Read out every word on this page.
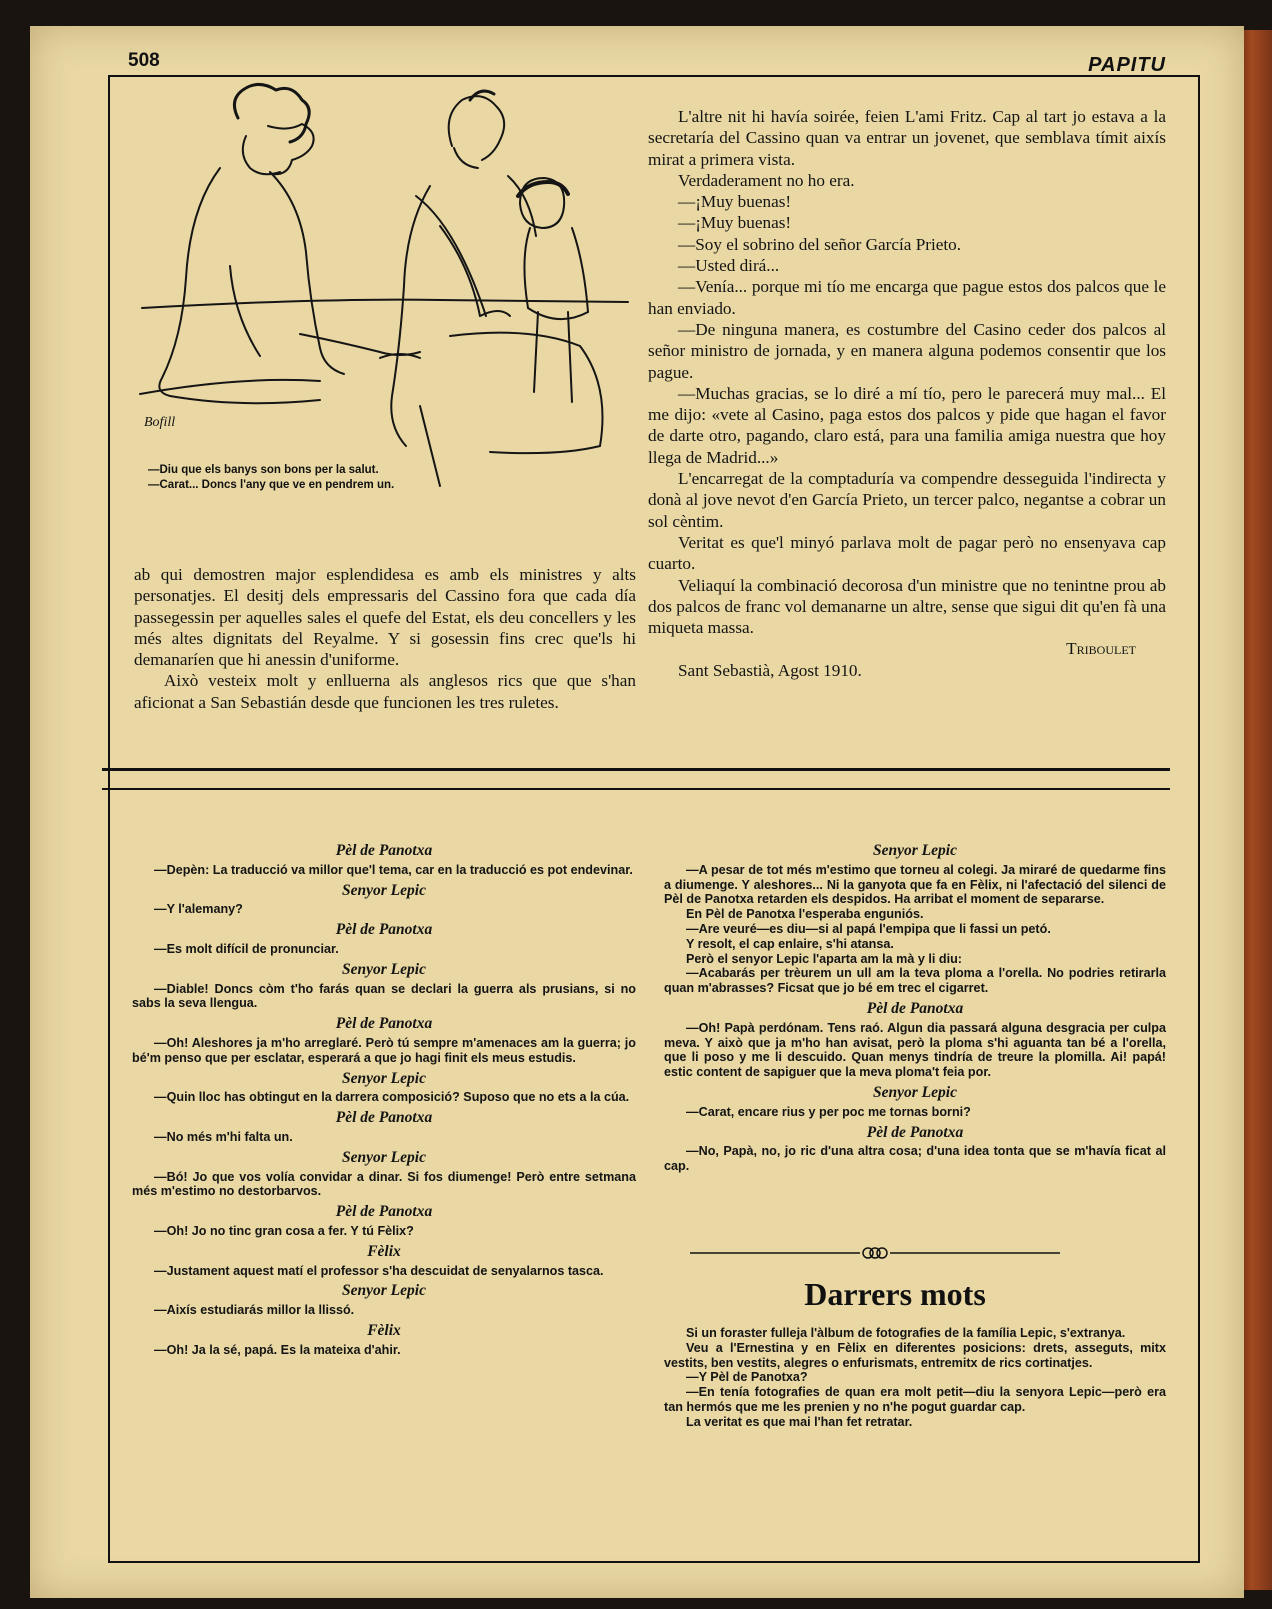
508	PAPITU
Bofill
—Diu que els banys son bons per la salut.
—Carat... Doncs l'any que ve en pendrem un.

ab qui demostren major esplendidesa es amb els ministres y alts personatjes. El desitj dels empressaris del Cassino fora que cada día passegessin per aquelles sales el quefe del Estat, els deu concellers y les més altes dignitats del Reyalme. Y si gosessin fins crec que'ls hi demanaríen que hi anessin d'uniforme.

Això vesteix molt y enlluerna als anglesos rics que que s'han aficionat a San Sebastián desde que funcionen les tres ruletes.

L'altre nit hi havía soirée, feien L'ami Fritz. Cap al tart jo estava a la secretaría del Cassino quan va entrar un jovenet, que semblava tímit aixís mirat a primera vista.

Verdaderament no ho era.

—¡Muy buenas!

—¡Muy buenas!

—Soy el sobrino del señor García Prieto.

—Usted dirá...

—Venía... porque mi tío me encarga que pague estos dos palcos que le han enviado.

—De ninguna manera, es costumbre del Casino ceder dos palcos al señor ministro de jornada, y en manera alguna podemos consentir que los pague.

—Muchas gracias, se lo diré a mí tío, pero le parecerá muy mal... El me dijo: «vete al Casino, paga estos dos palcos y pide que hagan el favor de darte otro, pagando, claro está, para una familia amiga nuestra que hoy llega de Madrid...»

L'encarregat de la comptaduría va compendre desseguida l'indirecta y donà al jove nevot d'en García Prieto, un tercer palco, negantse a cobrar un sol cèntim.

Veritat es que'l minyó parlava molt de pagar però no ensenyava cap cuarto.

Veliaquí la combinació decorosa d'un ministre que no tenintne prou ab dos palcos de franc vol demanarne un altre, sense que sigui dit qu'en fà una miqueta massa.

Triboulet

Sant Sebastià, Agost 1910.

Pèl de Panotxa

—Depèn: La traducció va millor que'l tema, car en la traducció es pot endevinar.

Senyor Lepic

—Y l'alemany?

Pèl de Panotxa

—Es molt difícil de pronunciar.

Senyor Lepic

—Diable! Doncs còm t'ho farás quan se declari la guerra als prusians, si no sabs la seva llengua.

Pèl de Panotxa

—Oh! Aleshores ja m'ho arreglaré. Però tú sempre m'amenaces am la guerra; jo bé'm penso que per esclatar, esperará a que jo hagi finit els meus estudis.

Senyor Lepic

—Quin lloc has obtingut en la darrera composició? Suposo que no ets a la cúa.

Pèl de Panotxa

—No més m'hi falta un.

Senyor Lepic

—Bó! Jo que vos volía convidar a dinar. Si fos diumenge! Però entre setmana més m'estimo no destorbarvos.

Pèl de Panotxa

—Oh! Jo no tinc gran cosa a fer. Y tú Fèlix?

Fèlix

—Justament aquest matí el professor s'ha descuidat de senyalarnos tasca.

Senyor Lepic

—Aixís estudiarás millor la llissó.

Fèlix

—Oh! Ja la sé, papá. Es la mateixa d'ahir.

Senyor Lepic

—A pesar de tot més m'estimo que torneu al colegi. Ja miraré de quedarme fins a diumenge. Y aleshores... Ni la ganyota que fa en Fèlix, ni l'afectació del silenci de Pèl de Panotxa retarden els despidos. Ha arribat el moment de separarse.

En Pèl de Panotxa l'esperaba enguniós.

—Are veuré—es diu—si al papá l'empipa que li fassi un petó.

Y resolt, el cap enlaire, s'hi atansa.

Però el senyor Lepic l'aparta am la mà y li diu:

—Acabarás per trèurem un ull am la teva ploma a l'orella. No podries retirarla quan m'abrasses? Ficsat que jo bé em trec el cigarret.

Pèl de Panotxa

—Oh! Papà perdónam. Tens raó. Algun dia passará alguna desgracia per culpa meva. Y això que ja m'ho han avisat, però la ploma s'hi aguanta tan bé a l'orella, que li poso y me li descuido. Quan menys tindría de treure la plomilla. Ai! papá! estic content de sapiguer que la meva ploma't feia por.

Senyor Lepic

—Carat, encare rius y per poc me tornas borni?

Pèl de Panotxa

—No, Papà, no, jo ric d'una altra cosa; d'una idea tonta que se m'havía ficat al cap.

Darrers mots

Si un foraster fulleja l'àlbum de fotografies de la família Lepic, s'extranya.

Veu a l'Ernestina y en Fèlix en diferentes posicions: drets, asseguts, mitx vestits, ben vestits, alegres o enfurismats, entremitx de rics cortinatjes.

—Y Pèl de Panotxa?

—En tenía fotografies de quan era molt petit—diu la senyora Lepic—però era tan hermós que me les prenien y no n'he pogut guardar cap.

La veritat es que mai l'han fet retratar.
